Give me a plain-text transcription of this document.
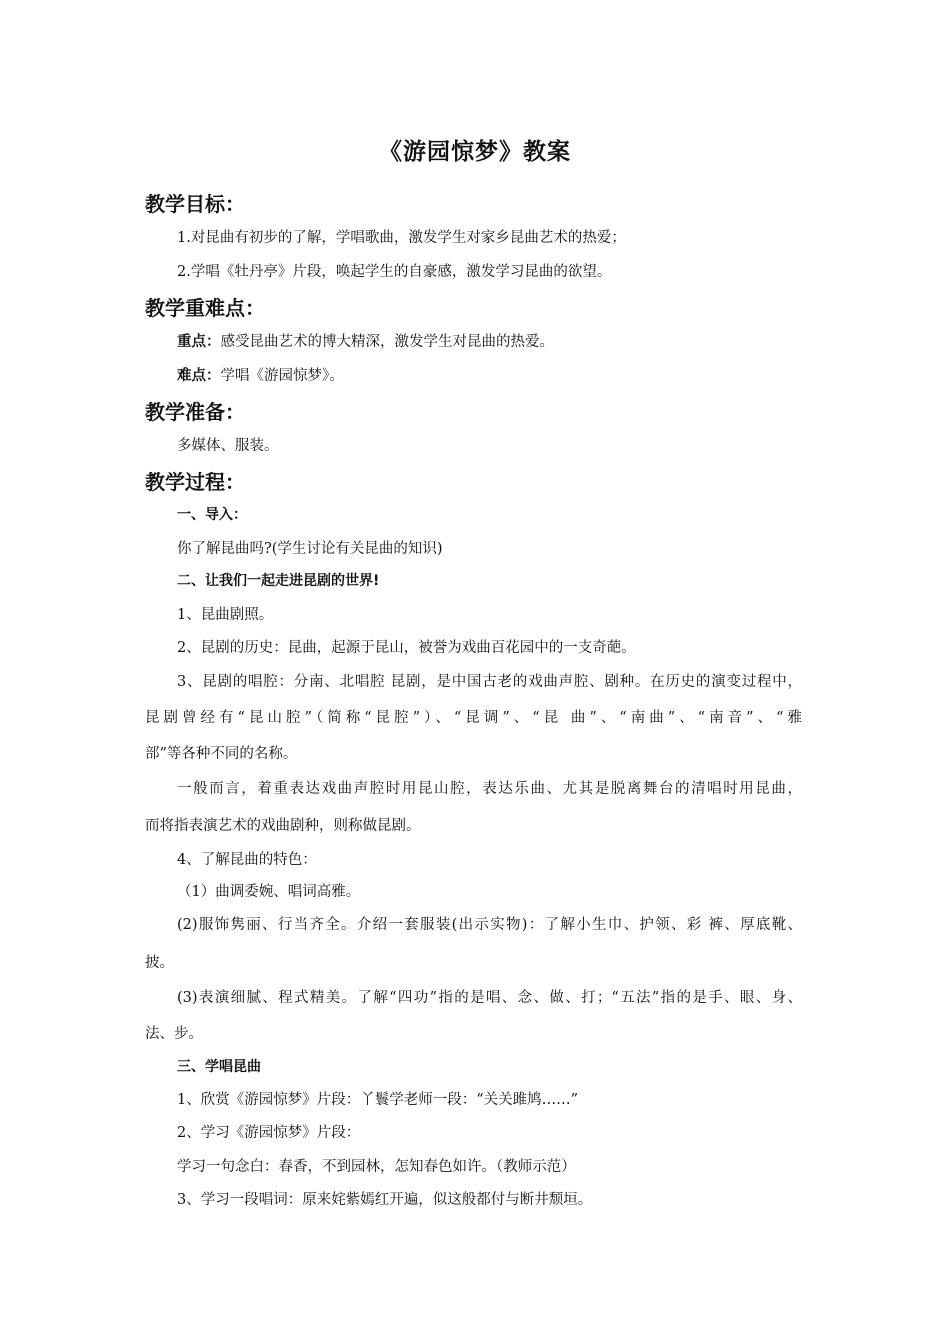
《游园惊梦》教案
教学目标：
1.对昆曲有初步的了解，学唱歌曲，激发学生对家乡昆曲艺术的热爱；
2.学唱《牡丹亭》片段，唤起学生的自豪感，激发学习昆曲的欲望。
教学重难点：
重点：感受昆曲艺术的博大精深，激发学生对昆曲的热爱。
难点：学唱《游园惊梦》。
教学准备：
多媒体、服装。
教学过程：
一、导入：
你了解昆曲吗?(学生讨论有关昆曲的知识)
二、让我们一起走进昆剧的世界!
1、昆曲剧照。
2、昆剧的历史：昆曲，起源于昆山，被誉为戏曲百花园中的一支奇葩。
3、昆剧的唱腔：分南、北唱腔 昆剧，是中国古老的戏曲声腔、剧种。在历史的演变过程中，
昆剧曾经有“昆山腔”（简称“昆腔”）、“昆调”、“昆 曲”、“南曲”、“南音”、“雅
部”等各种不同的名称。
一般而言，着重表达戏曲声腔时用昆山腔，表达乐曲、尤其是脱离舞台的清唱时用昆曲，
而将指表演艺术的戏曲剧种，则称做昆剧。
4、了解昆曲的特色：
（1）曲调委婉、唱词高雅。
(2)服饰隽丽、行当齐全。介绍一套服装(出示实物)：了解小生巾、护领、彩 裤、厚底靴、
披。
(3)表演细腻、程式精美。了解“四功”指的是唱、念、做、打；“五法”指的是手、眼、身、
法、步。
三、学唱昆曲
1、欣赏《游园惊梦》片段：丫鬟学老师一段：“关关雎鸠……”
2、学习《游园惊梦》片段：
学习一句念白：春香，不到园林，怎知春色如许。（教师示范）
3、学习一段唱词：原来姹紫嫣红开遍，似这般都付与断井颓垣。
